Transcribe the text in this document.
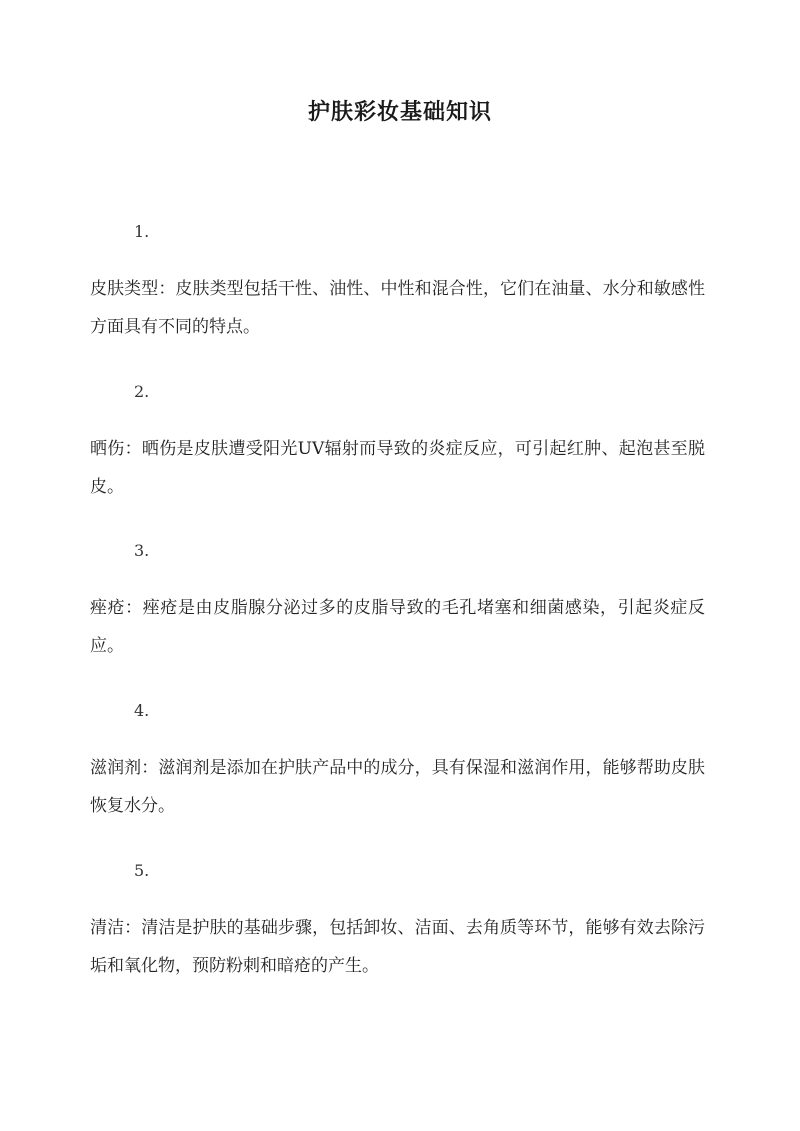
护肤彩妆基础知识
1.
皮肤类型：皮肤类型包括干性、油性、中性和混合性，它们在油量、水分和敏感性方面具有不同的特点。
2.
晒伤：晒伤是皮肤遭受阳光UV辐射而导致的炎症反应，可引起红肿、起泡甚至脱皮。
3.
痤疮：痤疮是由皮脂腺分泌过多的皮脂导致的毛孔堵塞和细菌感染，引起炎症反应。
4.
滋润剂：滋润剂是添加在护肤产品中的成分，具有保湿和滋润作用，能够帮助皮肤恢复水分。
5.
清洁：清洁是护肤的基础步骤，包括卸妆、洁面、去角质等环节，能够有效去除污垢和氧化物，预防粉刺和暗疮的产生。
